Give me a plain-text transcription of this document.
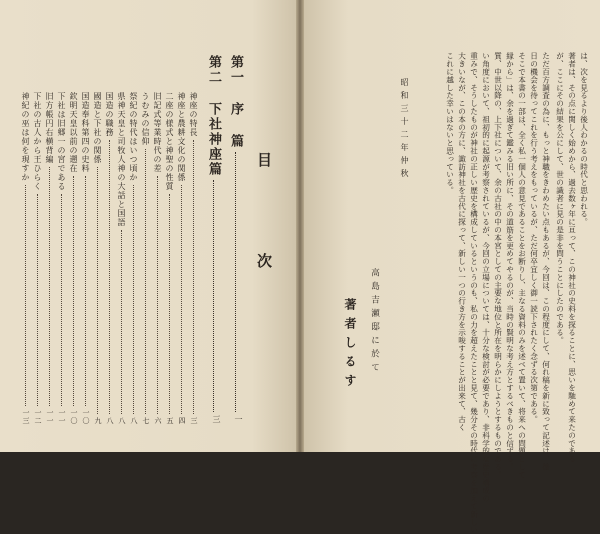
目 次
第一 序 篇
一
第二 下社神座篇
三
神座の特長
三
神座と農耕文化の関係
四
二座の様式と神聖の性質
五
旧記式等業時代の差
六
うむみの信仰
七
祭紀の特代はいつ頃か
八
県神天皇と司牧人神の大話と国語
八
国造の職務
八
國造と下社の関係
九
国造奉科第四の史料
一〇
欽明天皇以前の遡在
一〇
下社は旧郷一の宮である
一一
旧方帳円右横背編
一一
下社の古人から王ひらく
一二
神紀の巫は何を現すか
一三
は、次を見るより後人わかるの時代と思われる。
著者は、その点に関しく始めから、過去数ヶ年に亘って、この神社の史料を探ることに、思いを馳めて来たのである
が、ここにその結果を公にして、世の識者に見の是非を問うことにしたのである。
ただ百方調査の為に、もっと神職をきわめたい点もあるが、今回は、この程度にして、何れ稿を新に致って記述は、後
日の機会を待ってこれを行う考えをもっているが、ただ何卒宜しく御一読下されたく念ずる次第である。
そこで本書の一部は、全く私一個人の意見であることをお断りし、主なる資料のみを述べて置いて、将来への問題として
縁から」は、余を過ぎて鑑みる旧い所に、その道筋を更めてやるのが、当時の賢明な考え方とするべきものと信ずる。
質、中世以降の、上下社について、余の古社の中の本宮としての主要な地位と所在を明らかにしようとするものである。
い角度において、祖初的に起源が考察されているが、今回の立場については、十分な検討が必要であり、非科学的な歴史構成の
重みで、そうしたものが神社の正しい歴史を構成しているというのも、私の力を超えたことと見て、幾分その時代に考察を加えて新しい
大きいなが、この本の方に、諏訪神社を古代に探って、新しい一つの行き方を示唆することが出来て、古く
これに越した幸いはないと思っている。
昭和三十二年仲秋
高島吉瀬邸に於て
著者しるす
